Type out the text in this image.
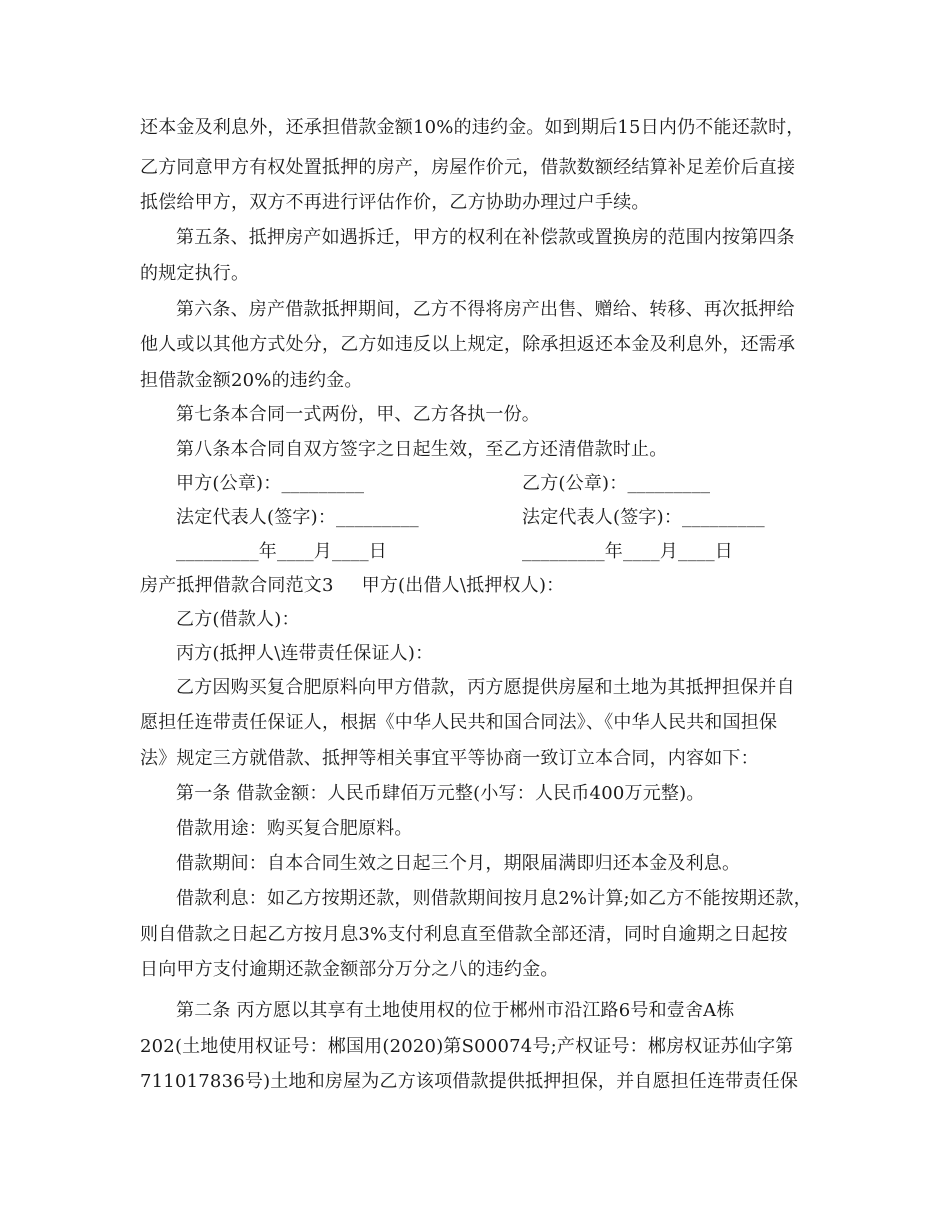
还本金及利息外，还承担借款金额10%的违约金。如到期后15日内仍不能还款时，
乙方同意甲方有权处置抵押的房产，房屋作价元，借款数额经结算补足差价后直接
抵偿给甲方，双方不再进行评估作价，乙方协助办理过户手续。
第五条、抵押房产如遇拆迁，甲方的权利在补偿款或置换房的范围内按第四条
的规定执行。
第六条、房产借款抵押期间，乙方不得将房产出售、赠给、转移、再次抵押给
他人或以其他方式处分，乙方如违反以上规定，除承担返还本金及利息外，还需承
担借款金额20%的违约金。
第七条本合同一式两份，甲、乙方各执一份。
第八条本合同自双方签字之日起生效，至乙方还清借款时止。
甲方(公章)：_________	乙方(公章)：_________
法定代表人(签字)：_________	法定代表人(签字)：_________
_________年____月____日	_________年____月____日
房产抵押借款合同范文3 甲方(出借人\抵押权人)：
乙方(借款人)：
丙方(抵押人\连带责任保证人)：
乙方因购买复合肥原料向甲方借款，丙方愿提供房屋和土地为其抵押担保并自
愿担任连带责任保证人，根据《中华人民共和国合同法》、《中华人民共和国担保
法》规定三方就借款、抵押等相关事宜平等协商一致订立本合同，内容如下：
第一条 借款金额：人民币肆佰万元整(小写：人民币400万元整)。
借款用途：购买复合肥原料。
借款期间：自本合同生效之日起三个月，期限届满即归还本金及利息。
借款利息：如乙方按期还款，则借款期间按月息2%计算;如乙方不能按期还款，
则自借款之日起乙方按月息3%支付利息直至借款全部还清，同时自逾期之日起按
日向甲方支付逾期还款金额部分万分之八的违约金。
第二条 丙方愿以其享有土地使用权的位于郴州市沿江路6号和壹舍A栋
202(土地使用权证号：郴国用(2020)第S00074号;产权证号：郴房权证苏仙字第
711017836号)土地和房屋为乙方该项借款提供抵押担保，并自愿担任连带责任保
